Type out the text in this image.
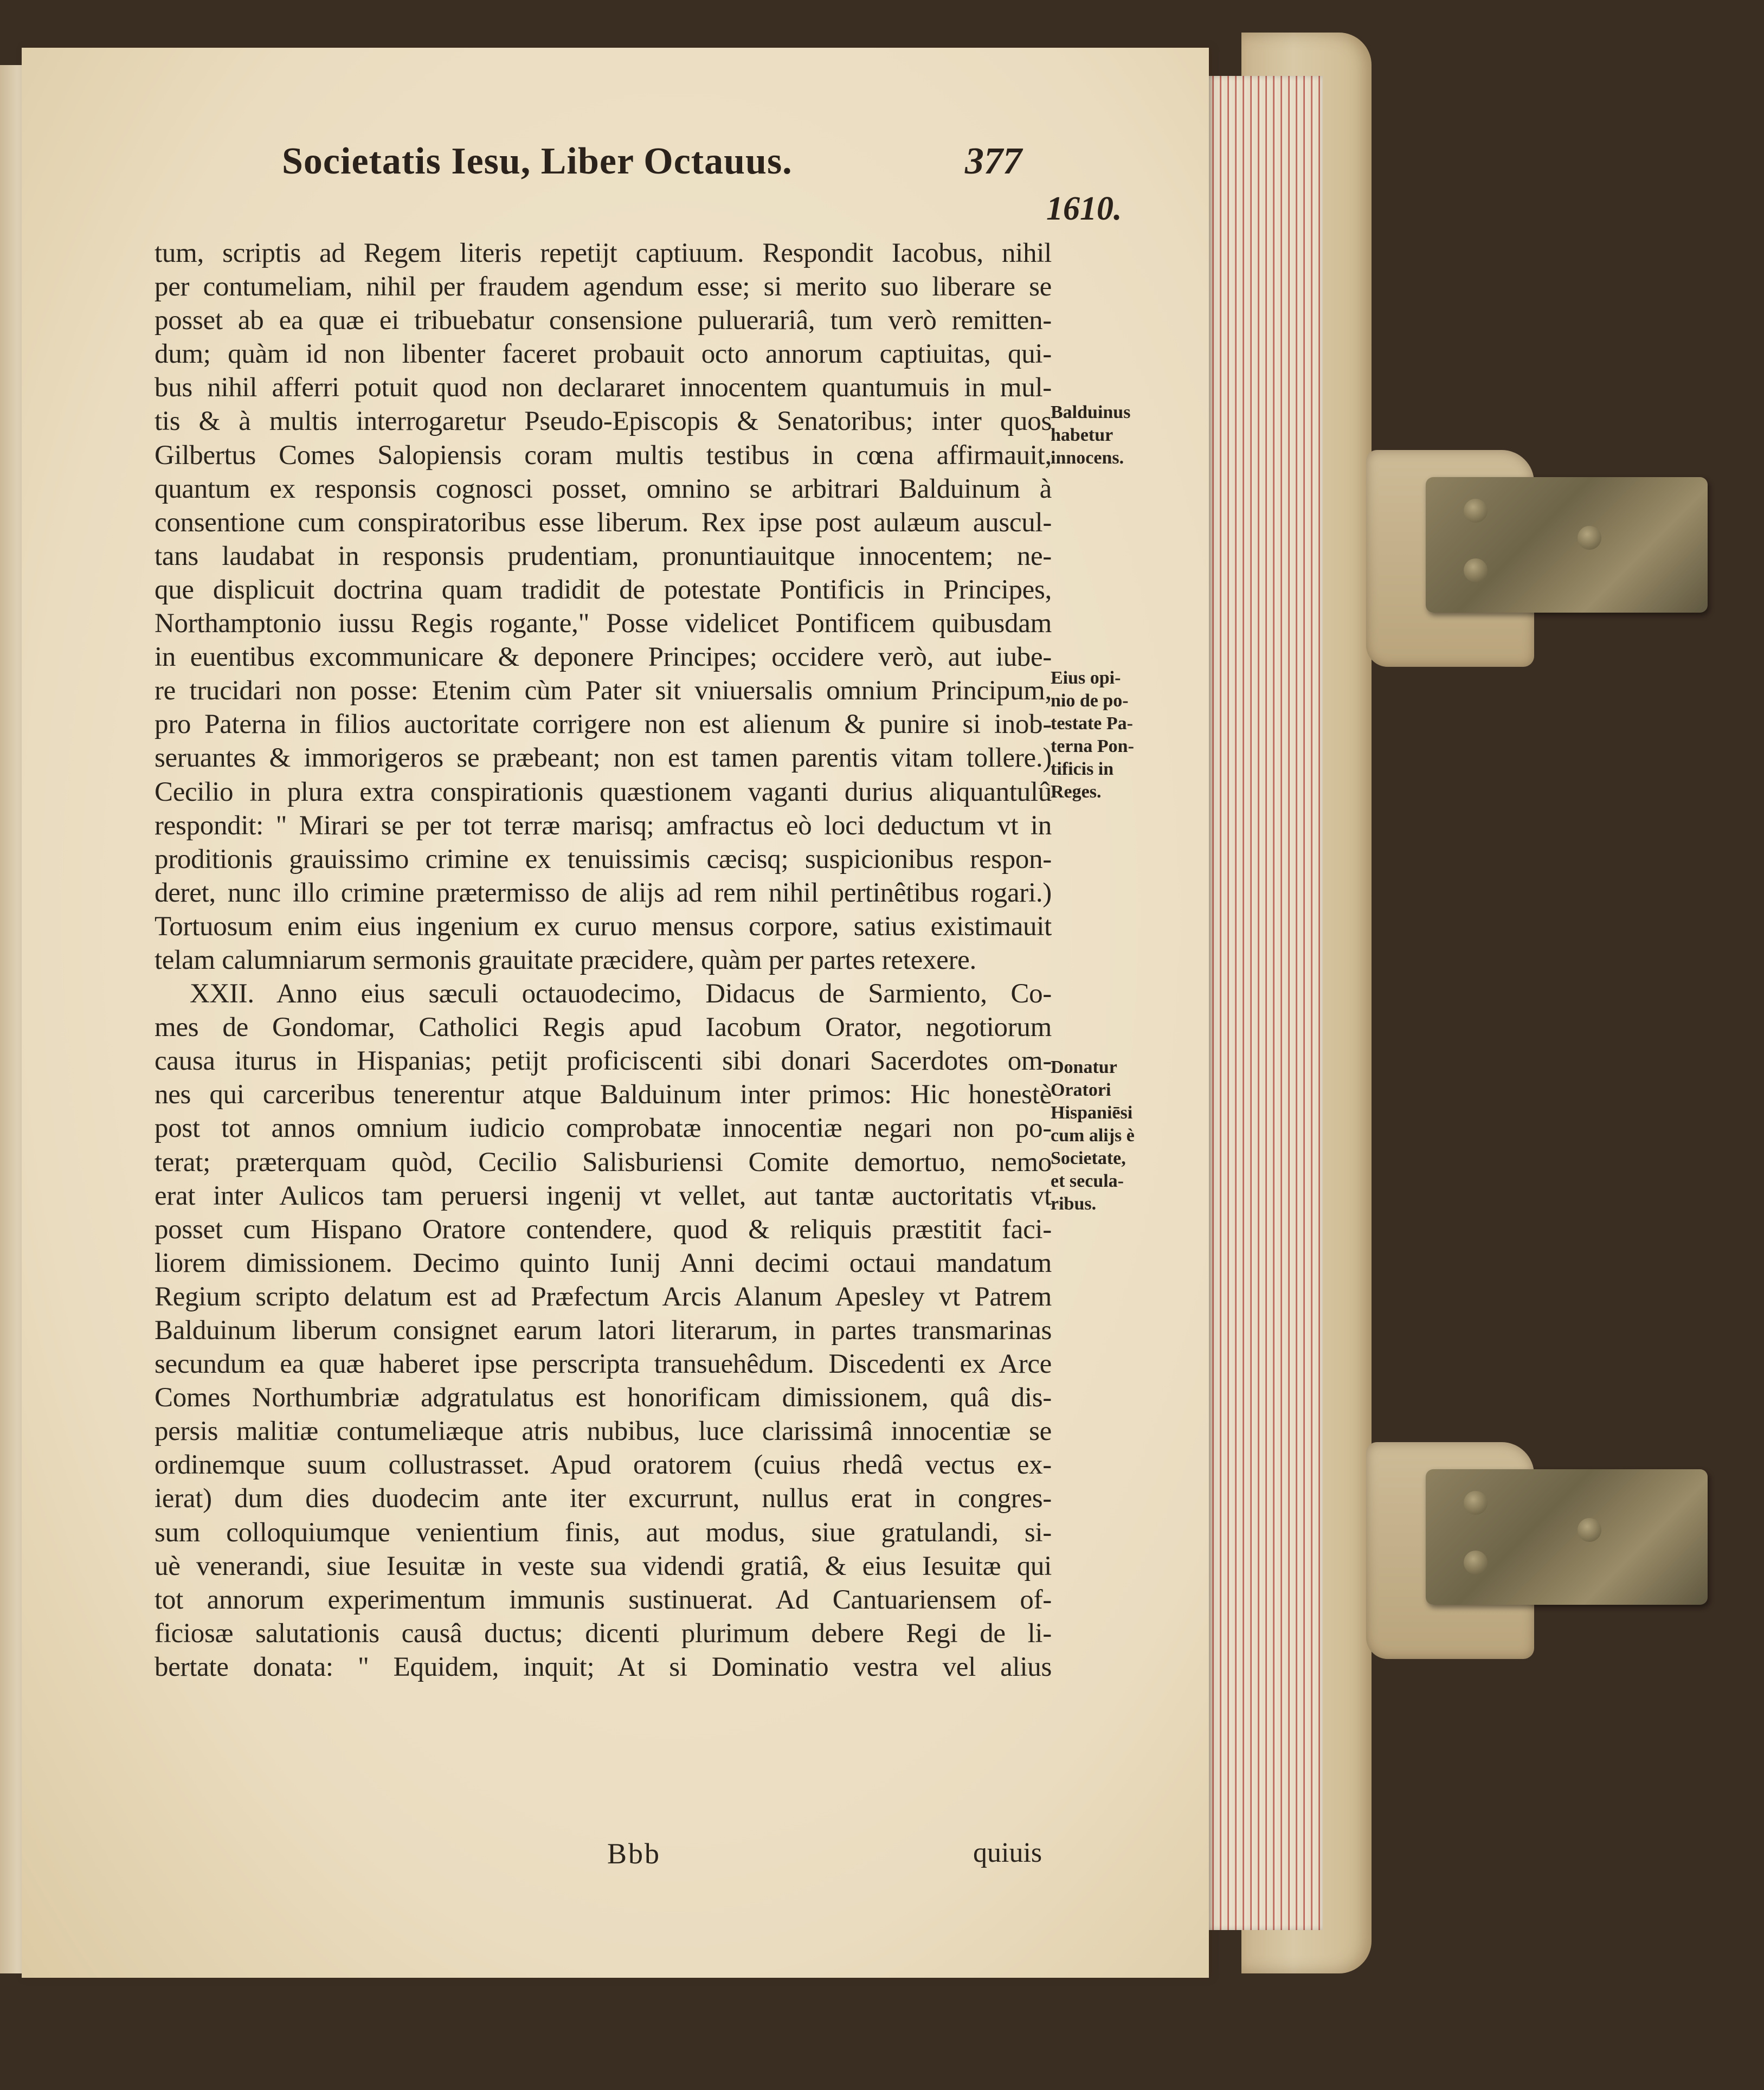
Societatis Iesu, Liber Octauus.	377
1610.
tum, scriptis ad Regem literis repetijt captiuum. Respondit Iacobus, nihil
per contumeliam, nihil per fraudem agendum esse; si merito suo liberare se
posset ab ea quæ ei tribuebatur consensione puluerariâ, tum verò remitten-
dum; quàm id non libenter faceret probauit octo annorum captiuitas, qui-
bus nihil afferri potuit quod non declararet innocentem quantumuis in mul-
tis & à multis interrogaretur Pseudo-Episcopis & Senatoribus; inter quos
Gilbertus Comes Salopiensis coram multis testibus in cœna affirmauit,
quantum ex responsis cognosci posset, omnino se arbitrari Balduinum à
consentione cum conspiratoribus esse liberum. Rex ipse post aulæum auscul-
tans laudabat in responsis prudentiam, pronuntiauitque innocentem; ne-
que displicuit doctrina quam tradidit de potestate Pontificis in Principes,
Northamptonio iussu Regis rogante," Posse videlicet Pontificem quibusdam
in euentibus excommunicare & deponere Principes; occidere verò, aut iube-
re trucidari non posse: Etenim cùm Pater sit vniuersalis omnium Principum,
pro Paterna in filios auctoritate corrigere non est alienum & punire si inob-
seruantes & immorigeros se præbeant; non est tamen parentis vitam tollere.)
Cecilio in plura extra conspirationis quæstionem vaganti durius aliquantulû
respondit: " Mirari se per tot terræ marisq; amfractus eò loci deductum vt in
proditionis grauissimo crimine ex tenuissimis cæcisq; suspicionibus respon-
deret, nunc illo crimine prætermisso de alijs ad rem nihil pertinêtibus rogari.)
Tortuosum enim eius ingenium ex curuo mensus corpore, satius existimauit
telam calumniarum sermonis grauitate præcidere, quàm per partes retexere.
XXII. Anno eius sæculi octauodecimo, Didacus de Sarmiento, Co-
mes de Gondomar, Catholici Regis apud Iacobum Orator, negotiorum
causa iturus in Hispanias; petijt proficiscenti sibi donari Sacerdotes om-
nes qui carceribus tenerentur atque Balduinum inter primos: Hic honestè
post tot annos omnium iudicio comprobatæ innocentiæ negari non po-
terat; præterquam quòd, Cecilio Salisburiensi Comite demortuo, nemo
erat inter Aulicos tam peruersi ingenij vt vellet, aut tantæ auctoritatis vt
posset cum Hispano Oratore contendere, quod & reliquis præstitit faci-
liorem dimissionem. Decimo quinto Iunij Anni decimi octaui mandatum
Regium scripto delatum est ad Præfectum Arcis Alanum Apesley vt Patrem
Balduinum liberum consignet earum latori literarum, in partes transmarinas
secundum ea quæ haberet ipse perscripta transuehêdum. Discedenti ex Arce
Comes Northumbriæ adgratulatus est honorificam dimissionem, quâ dis-
persis malitiæ contumeliæque atris nubibus, luce clarissimâ innocentiæ se
ordinemque suum collustrasset. Apud oratorem (cuius rhedâ vectus ex-
ierat) dum dies duodecim ante iter excurrunt, nullus erat in congres-
sum colloquiumque venientium finis, aut modus, siue gratulandi, si-
uè venerandi, siue Iesuitæ in veste sua videndi gratiâ, & eius Iesuitæ qui
tot annorum experimentum immunis sustinuerat. Ad Cantuariensem of-
ficiosæ salutationis causâ ductus; dicenti plurimum debere Regi de li-
bertate donata: " Equidem, inquit; At si Dominatio vestra vel alius
Balduinus
habetur
innocens.
Eius opi-
nio de po-
testate Pa-
terna Pon-
tificis in
Reges.
Donatur
Oratori
Hispaniēsi
cum alijs è
Societate,
et secula-
ribus.
Bbb	quiuis
